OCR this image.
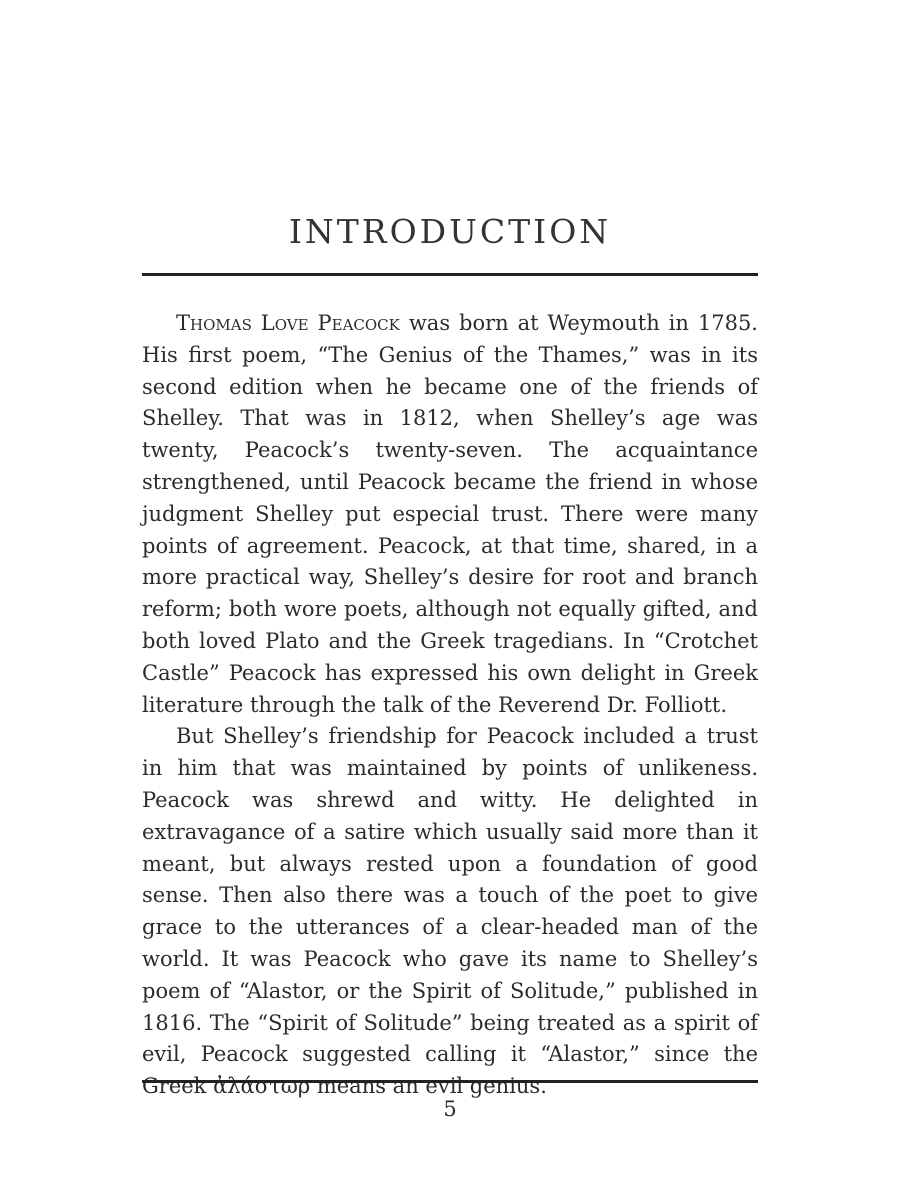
INTRODUCTION

Thomas Love Peacock was born at Weymouth in 1785. His first poem, “The Genius of the Thames,” was in its second edition when he became one of the friends of Shelley. That was in 1812, when Shelley’s age was twenty, Peacock’s twenty-seven. The acquaintance strengthened, until Peacock became the friend in whose judgment Shelley put especial trust. There were many points of agreement. Peacock, at that time, shared, in a more practical way, Shelley’s desire for root and branch reform; both wore poets, although not equally gifted, and both loved Plato and the Greek tragedians. In “Crotchet Castle” Peacock has expressed his own delight in Greek literature through the talk of the Reverend Dr. Folliott.

But Shelley’s friendship for Peacock included a trust in him that was maintained by points of unlikeness. Peacock was shrewd and witty. He delighted in extravagance of a satire which usually said more than it meant, but always rested upon a foundation of good sense. Then also there was a touch of the poet to give grace to the utterances of a clear-headed man of the world. It was Peacock who gave its name to Shelley’s poem of “Alastor, or the Spirit of Solitude,” published in 1816. The “Spirit of Solitude” being treated as a spirit of evil, Peacock suggested calling it “Alastor,” since the Greek ἀλάστωρ means an evil genius.

5
